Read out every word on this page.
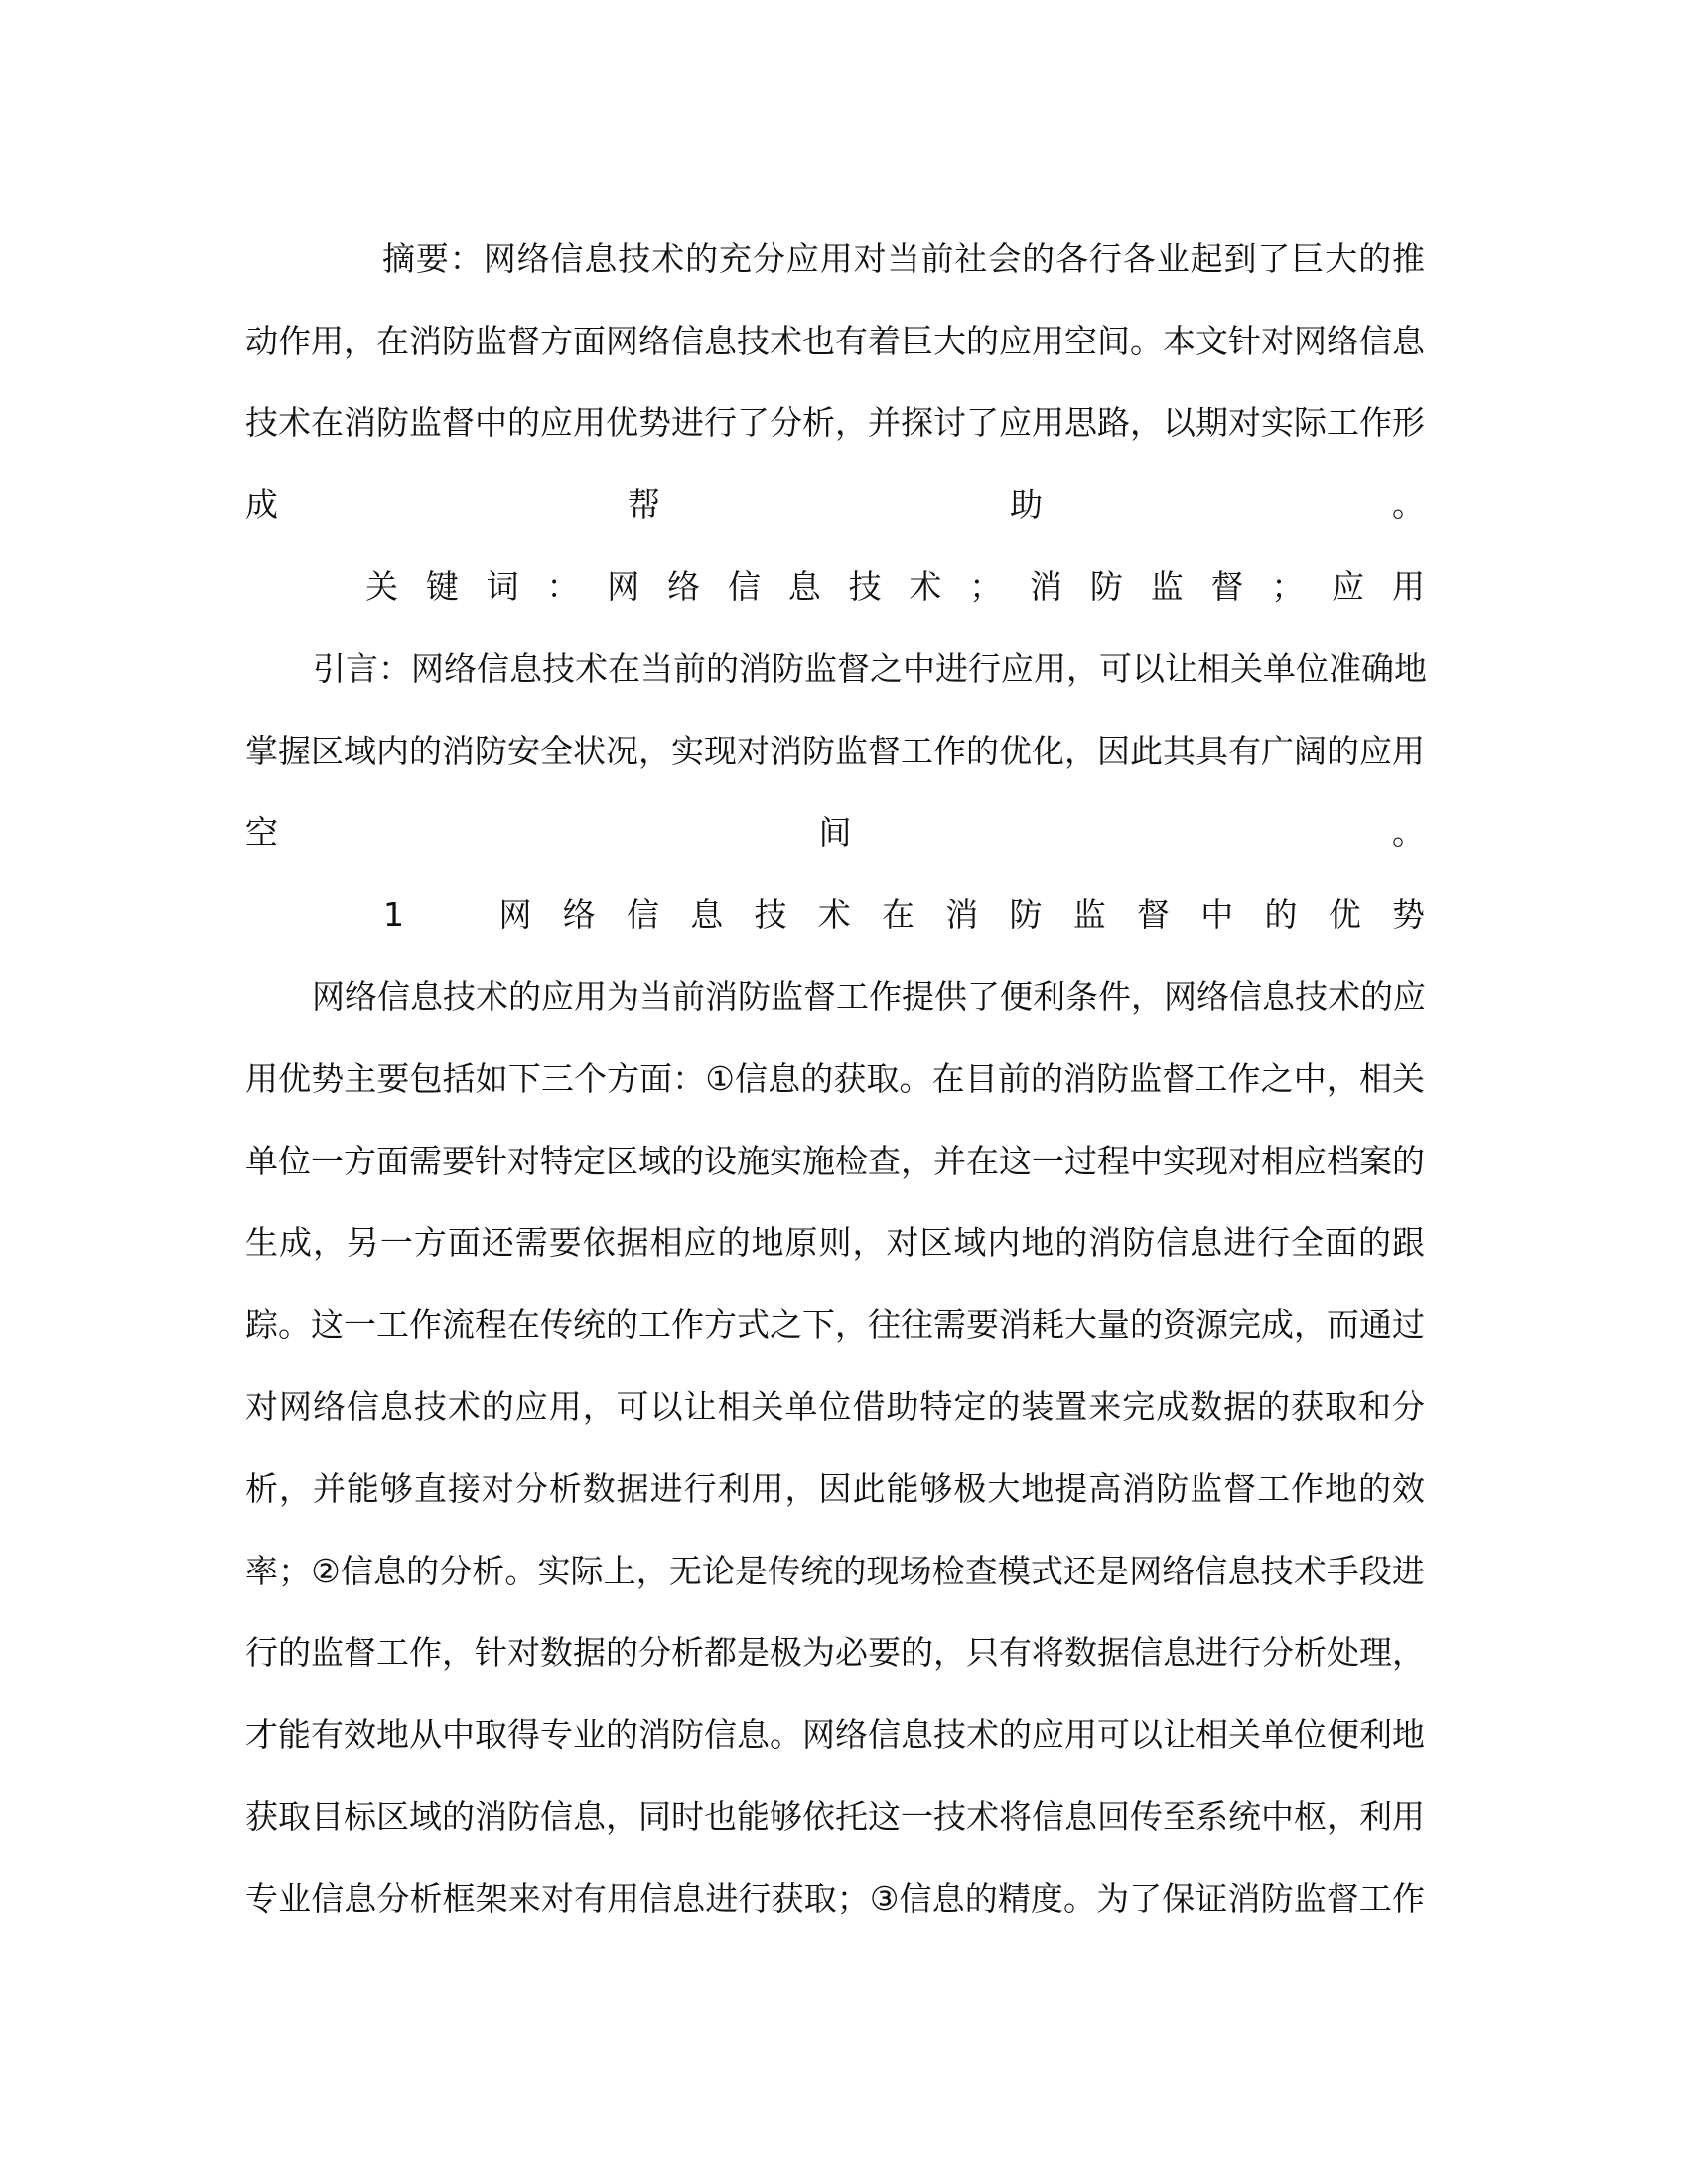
摘要：网络信息技术的充分应用对当前社会的各行各业起到了巨大的推
动作用，在消防监督方面网络信息技术也有着巨大的应用空间。本文针对网络信息
技术在消防监督中的应用优势进行了分析，并探讨了应用思路，以期对实际工作形
成帮助。
关键词：网络信息技术；消防监督；应用
引言：网络信息技术在当前的消防监督之中进行应用，可以让相关单位准确地
掌握区域内的消防安全状况，实现对消防监督工作的优化，因此其具有广阔的应用
空间。
1　网络信息技术在消防监督中的优势
网络信息技术的应用为当前消防监督工作提供了便利条件，网络信息技术的应
用优势主要包括如下三个方面：①信息的获取。在目前的消防监督工作之中，相关
单位一方面需要针对特定区域的设施实施检查，并在这一过程中实现对相应档案的
生成，另一方面还需要依据相应的地原则，对区域内地的消防信息进行全面的跟
踪。这一工作流程在传统的工作方式之下，往往需要消耗大量的资源完成，而通过
对网络信息技术的应用，可以让相关单位借助特定的装置来完成数据的获取和分
析，并能够直接对分析数据进行利用，因此能够极大地提高消防监督工作地的效
率；②信息的分析。实际上，无论是传统的现场检查模式还是网络信息技术手段进
行的监督工作，针对数据的分析都是极为必要的，只有将数据信息进行分析处理，
才能有效地从中取得专业的消防信息。网络信息技术的应用可以让相关单位便利地
获取目标区域的消防信息，同时也能够依托这一技术将信息回传至系统中枢，利用
专业信息分析框架来对有用信息进行获取；③信息的精度。为了保证消防监督工作
